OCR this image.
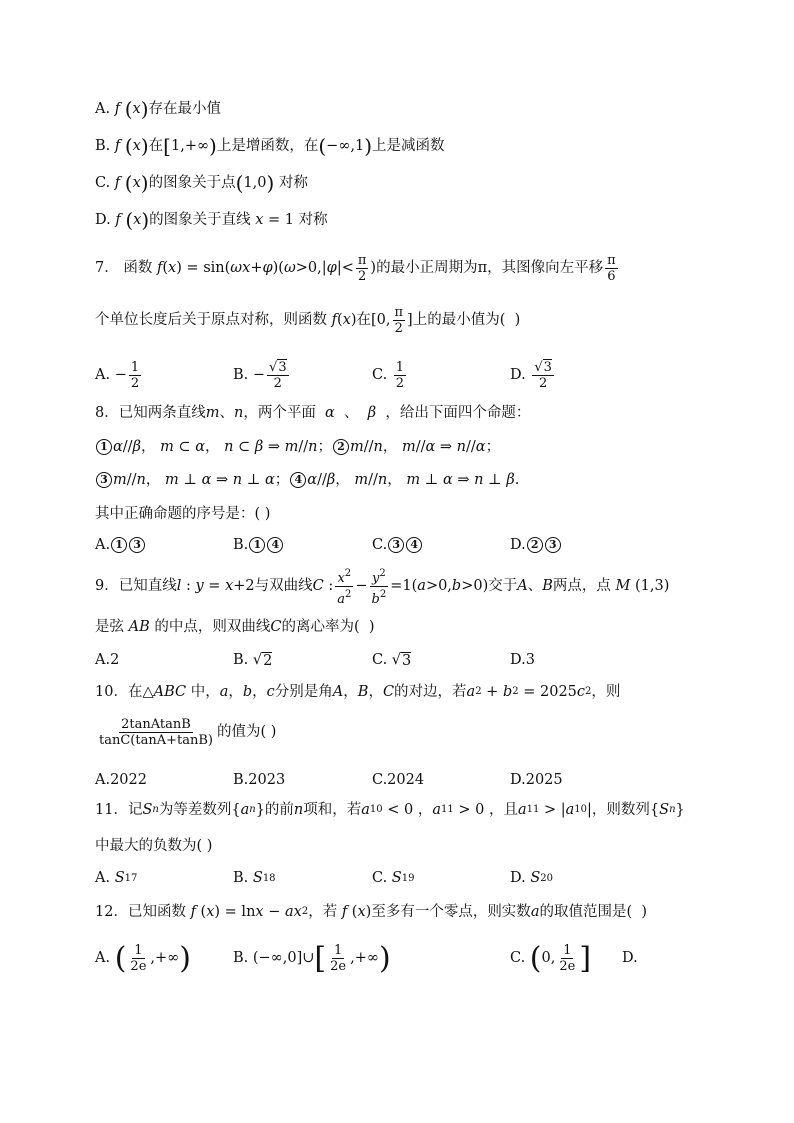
A. f
( x ) 存在最小值
B. f
( x ) 在 [ 1,+∞ ) 上是增函数，在 ( −∞,1 ) 上是减函数
C. f
( x ) 的图象关于点 ( 1,0 ) 对称
D. f
( x ) 的图象关于直线 x = 1 对称
7． 函数 f ( x ) = sin( ω x + φ )( ω >0,| φ |< $\frac{\pi}{2}$ )的最小正周期为π，其图像向左平移 $\frac{\pi}{6}$
个单位长度后关于原点对称，则函数 f ( x )在[0, $\frac{\pi}{2}$ ]上的最小值为(  )
A. − $\frac{1}{2}$	B. − $\frac{√3}{2}$	C. $\frac{1}{2}$	D. $\frac{√3}{2}$
8．已知两条直线 m 、 n ，两个平面 α 、 β ，给出下面四个命题：
1 α // β ， m ⊂ α ， n ⊂ β ⇒ m // n ； 2 m // n ， m // α ⇒ n // α ；
3 m // n ， m ⊥ α ⇒ n ⊥ α ； 4 α // β ， m // n ， m ⊥ α ⇒ n ⊥ β .
其中正确命题的序号是：( )
A. 1 3	B. 1 4	C. 3 4	D. 2 3
9．已知直线 l : y = x +2与双曲线 C : $\frac{x^2}{a^2} - \frac{y^2}{b^2} =1$( a >0, b >0)交于 A 、 B 两点，点 M (1,3)
是弦 AB 的中点，则双曲线 C 的离心率为(  )
A.2	B. √ 2	C. √ 3	D.3
10．在△ ABC 中， a ， b ， c 分别是角 A ， B ， C 的对边，若 a 2 + b 2 = 2025 c 2 ，则
$\frac{\text{2tanAtanB}}{\tan C(\tan A+\tan B)}$ 的值为( )
A.2022	B.2023	C.2024	D.2025
11．记 S n 为等差数列{ a n }的前 n 项和，若 a 10 < 0 ， a 11 > 0 ，且 a 11 > | a 10 |，则数列{ S n }
中最大的负数为( )
A. S 17	B. S 18	C. S 19	D. S 20
12．已知函数 f ( x ) = ln x − a x 2 ，若 f ( x )至多有一个零点，则实数 a 的取值范围是(  )
A. ( $\frac{1}{2e}$ ,+∞ )	B. (−∞,0]∪ [ $\frac{1}{2e}$ ,+∞ )	C. ( 0, $\frac{1}{2e}$ ] D.
